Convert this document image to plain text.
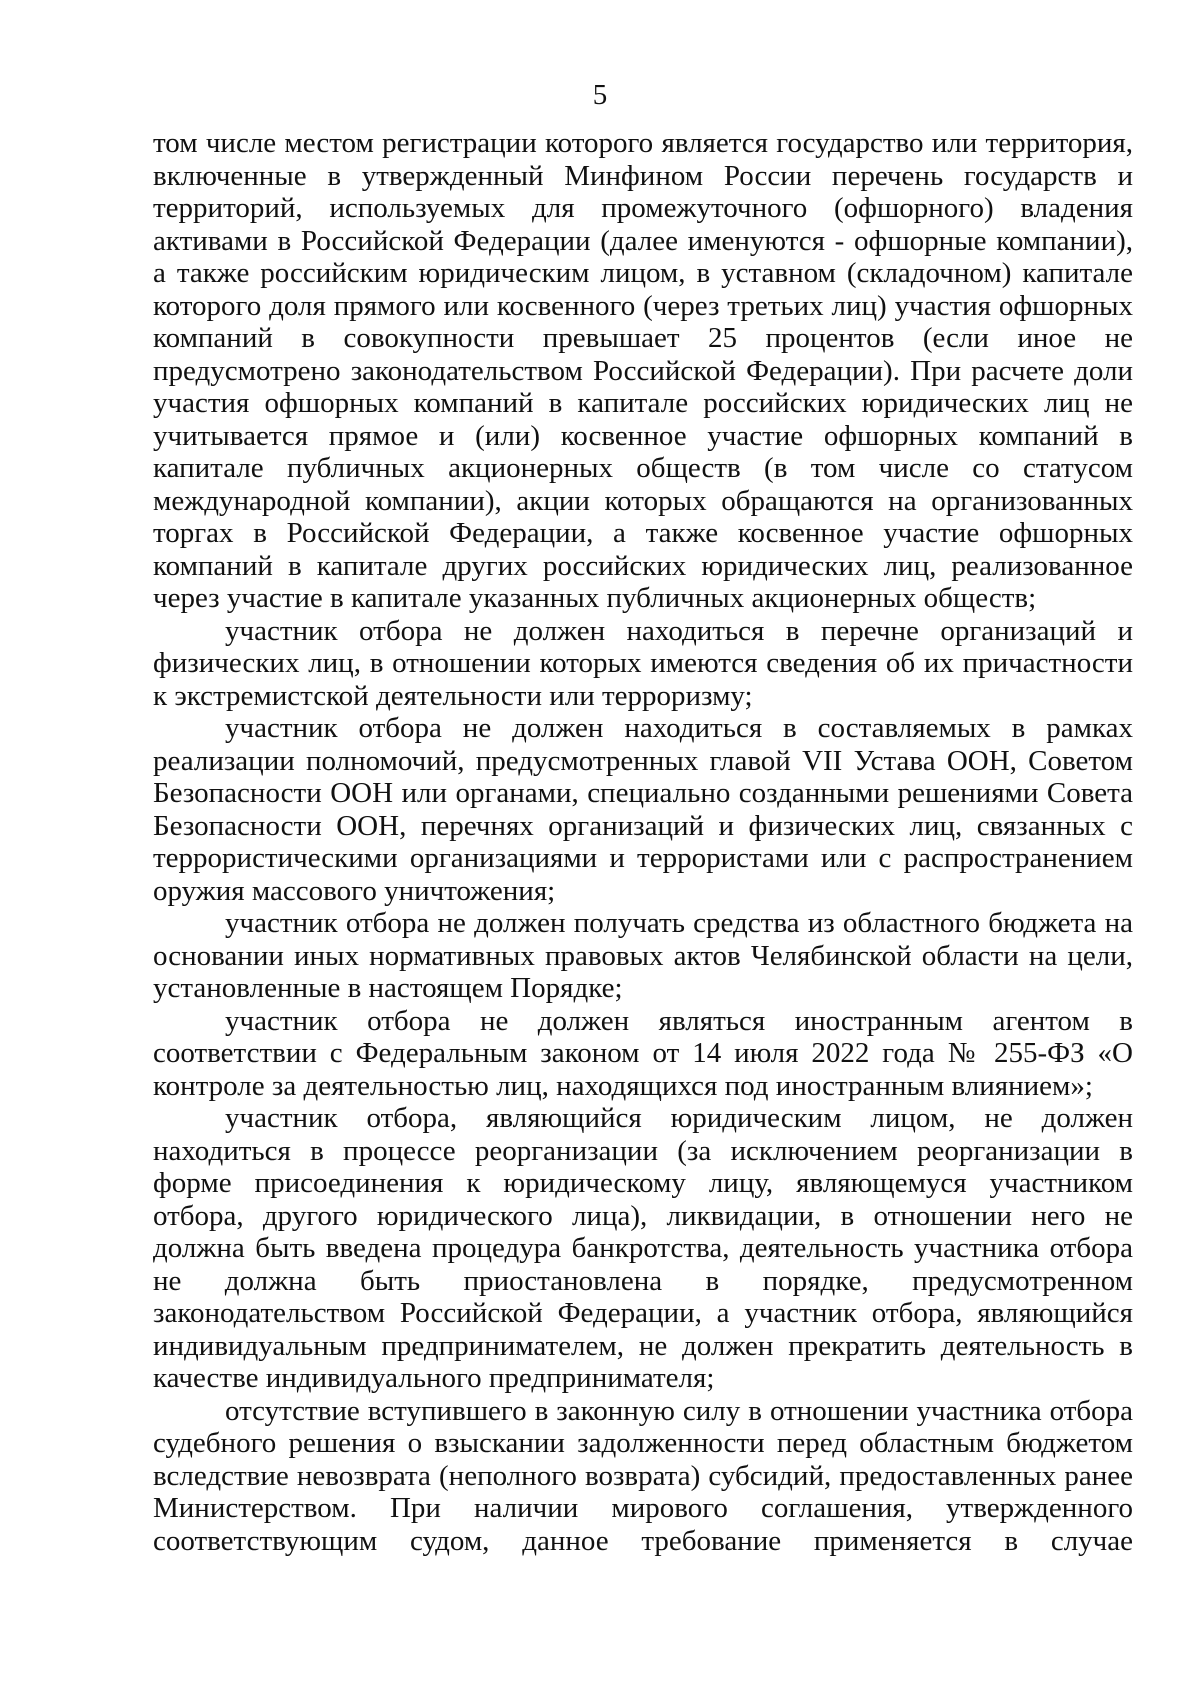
5

том числе местом регистрации которого является государство или территория, включенные в утвержденный Минфином России перечень государств и территорий, используемых для промежуточного (офшорного) владения активами в Российской Федерации (далее именуются - офшорные компании), а также российским юридическим лицом, в уставном (складочном) капитале которого доля прямого или косвенного (через третьих лиц) участия офшорных компаний в совокупности превышает 25 процентов (если иное не предусмотрено законодательством Российской Федерации). При расчете доли участия офшорных компаний в капитале российских юридических лиц не учитывается прямое и (или) косвенное участие офшорных компаний в капитале публичных акционерных обществ (в том числе со статусом международной компании), акции которых обращаются на организованных торгах в Российской Федерации, а также косвенное участие офшорных компаний в капитале других российских юридических лиц, реализованное через участие в капитале указанных публичных акционерных обществ;

участник отбора не должен находиться в перечне организаций и физических лиц, в отношении которых имеются сведения об их причастности к экстремистской деятельности или терроризму;

участник отбора не должен находиться в составляемых в рамках реализации полномочий, предусмотренных главой VII Устава ООН, Советом Безопасности ООН или органами, специально созданными решениями Совета Безопасности ООН, перечнях организаций и физических лиц, связанных с террористическими организациями и террористами или с распространением оружия массового уничтожения;

участник отбора не должен получать средства из областного бюджета на основании иных нормативных правовых актов Челябинской области на цели, установленные в настоящем Порядке;

участник отбора не должен являться иностранным агентом в соответствии с Федеральным законом от 14 июля 2022 года № 255-ФЗ «О контроле за деятельностью лиц, находящихся под иностранным влиянием»;

участник отбора, являющийся юридическим лицом, не должен находиться в процессе реорганизации (за исключением реорганизации в форме присоединения к юридическому лицу, являющемуся участником отбора, другого юридического лица), ликвидации, в отношении него не должна быть введена процедура банкротства, деятельность участника отбора не должна быть приостановлена в порядке, предусмотренном законодательством Российской Федерации, а участник отбора, являющийся индивидуальным предпринимателем, не должен прекратить деятельность в качестве индивидуального предпринимателя;

отсутствие вступившего в законную силу в отношении участника отбора судебного решения о взыскании задолженности перед областным бюджетом вследствие невозврата (неполного возврата) субсидий, предоставленных ранее Министерством. При наличии мирового соглашения, утвержденного соответствующим судом, данное требование применяется в случае
